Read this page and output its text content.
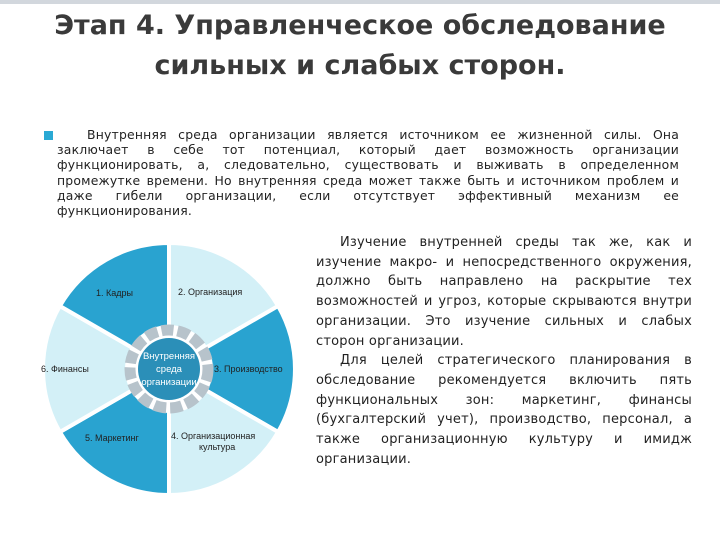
Этап 4. Управленческое обследование
сильных и слабых сторон.
Внутренняя среда организации является источником ее жизненной силы. Она заключает в себе тот потенциал, который дает возможность организации функционировать, а, следовательно, существовать и выживать в определенном промежутке времени. Но внутренняя среда может также быть и источником проблем и даже гибели организации, если отсутствует эффективный механизм ее функционирования.
Внутренняя
среда
организации
1. Кадры	2. Организация
3. Производство
4. Организационная
культура
5. Маркетинг
6. Финансы

Изучение внутренней среды так же, как и изучение макро- и непосредственного окружения, должно быть направлено на раскрытие тех возможностей и угроз, которые скрываются внутри организации. Это изучение сильных и слабых сторон организации.

Для целей стратегического планирования в обследование рекомендуется включить пять функциональных зон: маркетинг, финансы (бухгалтерский учет), производство, персонал, а также организационную культуру и имидж организации.
